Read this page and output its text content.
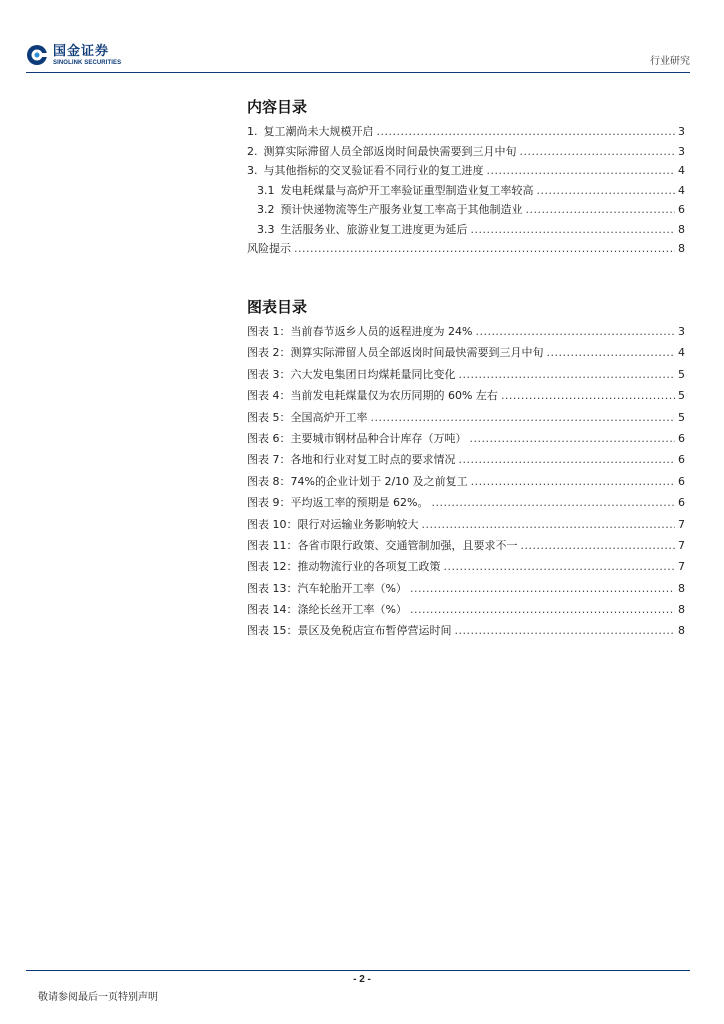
国金证券
SINOLINK SECURITIES	行业研究
内容目录
1. 复工潮尚未大规模开启 .....	3
2. 测算实际滞留人员全部返岗时间最快需要到三月中旬 .....	3
3. 与其他指标的交叉验证看不同行业的复工进度 .....	4
3.1 发电耗煤量与高炉开工率验证重型制造业复工率较高 .....	4
3.2 预计快递物流等生产服务业复工率高于其他制造业 .....	6
3.3 生活服务业、旅游业复工进度更为延后 .....	8
风险提示 .....	8
图表目录
图表 1：当前春节返乡人员的返程进度为 24% .....	3
图表 2：测算实际滞留人员全部返岗时间最快需要到三月中旬 .....	4
图表 3：六大发电集团日均煤耗量同比变化 .....	5
图表 4：当前发电耗煤量仅为农历同期的 60% 左右 .....	5
图表 5：全国高炉开工率 .....	5
图表 6：主要城市钢材品种合计库存（万吨） .....	6
图表 7：各地和行业对复工时点的要求情况 .....	6
图表 8：74%的企业计划于 2/10 及之前复工 .....	6
图表 9：平均返工率的预期是 62%。 .....	6
图表 10：限行对运输业务影响较大 .....	7
图表 11：各省市限行政策、交通管制加强，且要求不一 .....	7
图表 12：推动物流行业的各项复工政策 .....	7
图表 13：汽车轮胎开工率（%） .....	8
图表 14：涤纶长丝开工率（%） .....	8
图表 15：景区及免税店宣布暂停营运时间 .....	8
- 2 -
敬请参阅最后一页特别声明
